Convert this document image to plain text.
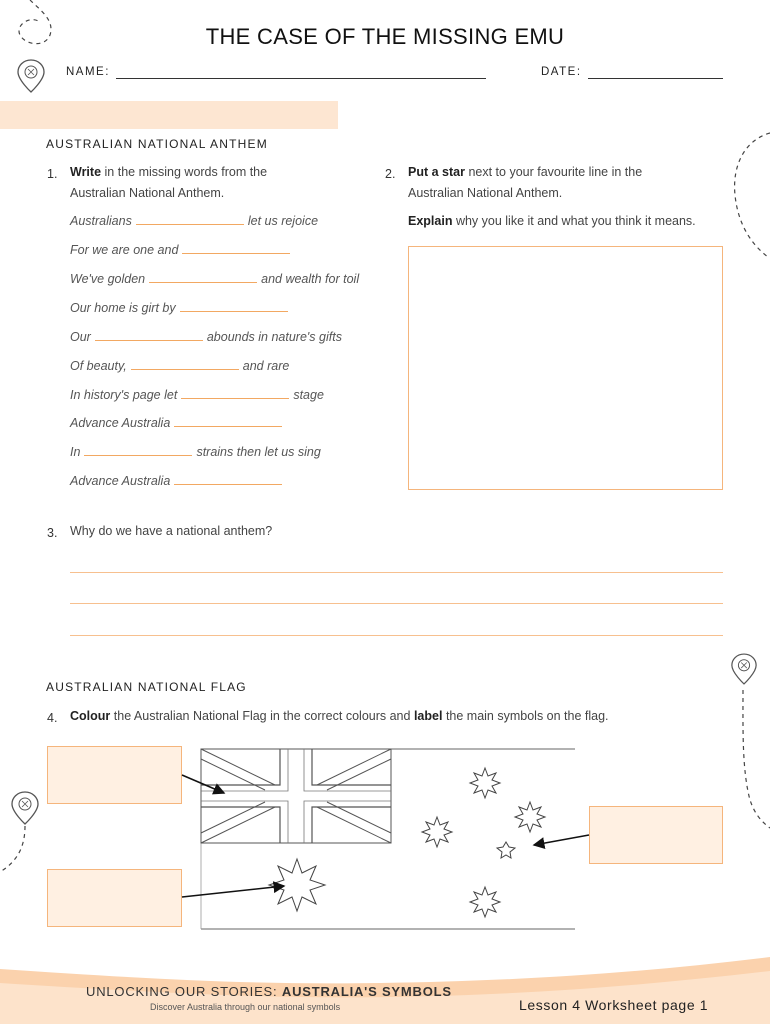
THE CASE OF THE MISSING EMU
NAME:	DATE:
AUSTRALIAN NATIONAL ANTHEM
1. Write in the missing words from the
Australian National Anthem.
Australians	let us rejoice
For we are one and
We've golden	and wealth for toil
Our home is girt by
Our	abounds in nature's gifts
Of beauty,	and rare
In history's page let	stage
Advance Australia
In	strains then let us sing
Advance Australia
2. Put a star next to your favourite line in the
Australian National Anthem.
Explain why you like it and what you think it means.
3. Why do we have a national anthem?
AUSTRALIAN NATIONAL FLAG
4. Colour the Australian National Flag in the correct colours and label the main symbols on the flag.
UNLOCKING OUR STORIES: AUSTRALIA'S SYMBOLS
Discover Australia through our national symbols	Lesson 4 Worksheet page 1
